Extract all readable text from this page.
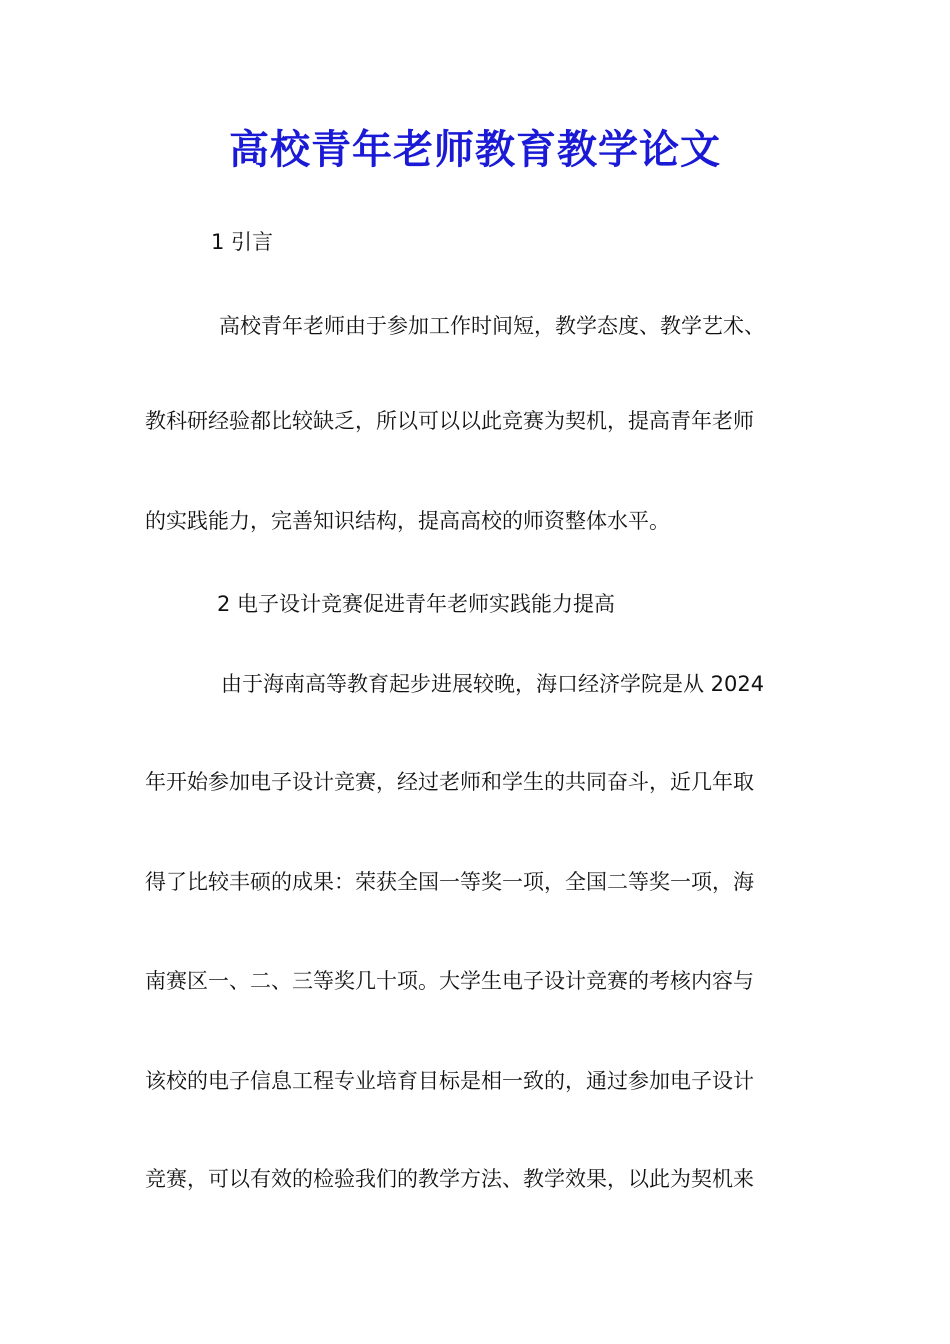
高校青年老师教育教学论文

1 引言

高校青年老师由于参加工作时间短，教学态度、教学艺术、

教科研经验都比较缺乏，所以可以以此竞赛为契机，提高青年老师

的实践能力，完善知识结构，提高高校的师资整体水平。

2 电子设计竞赛促进青年老师实践能力提高

由于海南高等教育起步进展较晚，海口经济学院是从 2024

年开始参加电子设计竞赛，经过老师和学生的共同奋斗，近几年取

得了比较丰硕的成果：荣获全国一等奖一项，全国二等奖一项，海

南赛区一、二、三等奖几十项。大学生电子设计竞赛的考核内容与

该校的电子信息工程专业培育目标是相一致的，通过参加电子设计

竞赛，可以有效的检验我们的教学方法、教学效果，以此为契机来
